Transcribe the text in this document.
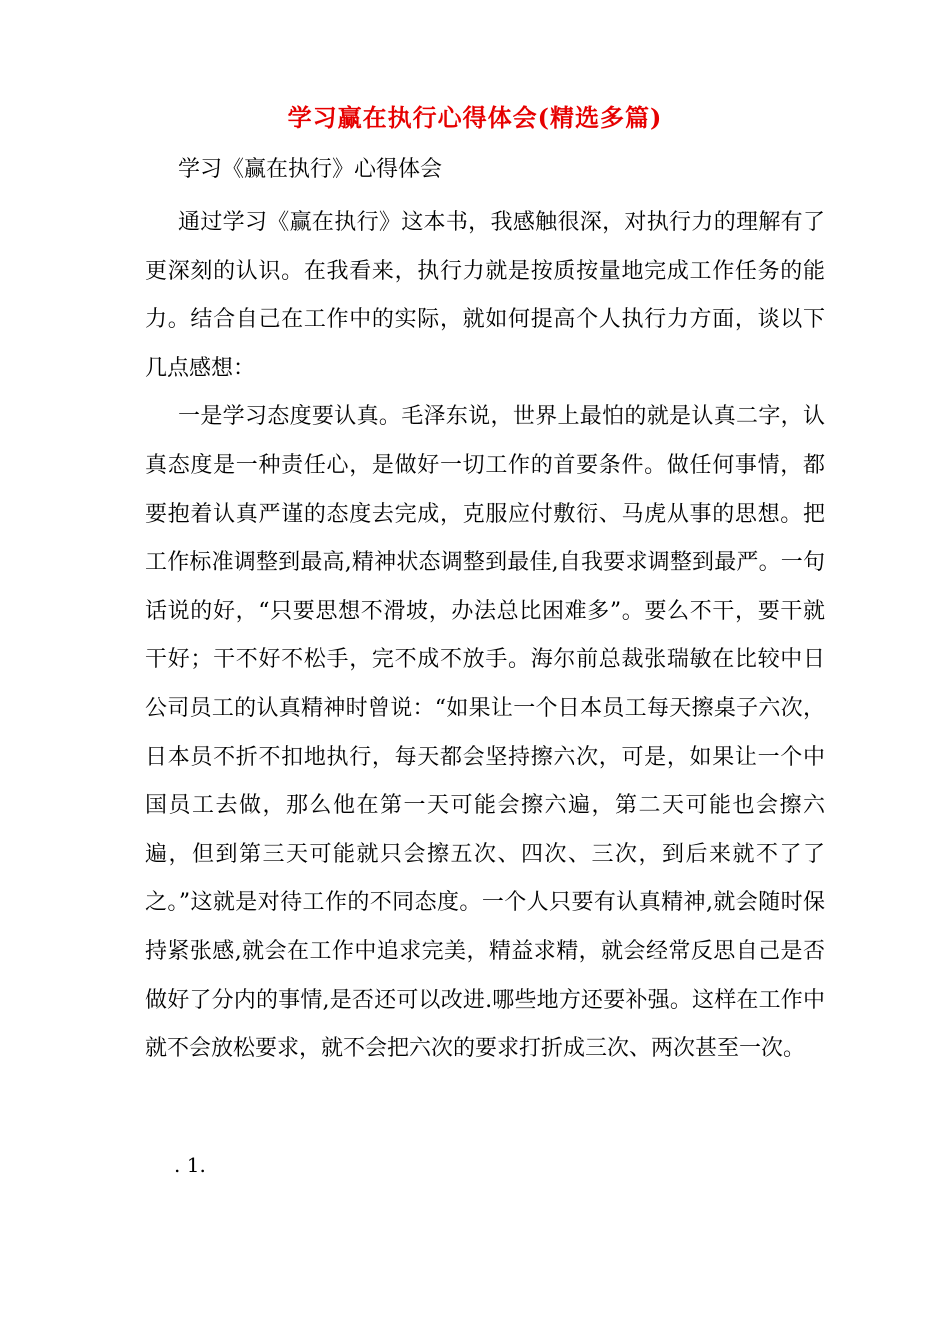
学习赢在执行心得体会(精选多篇)
学习《赢在执行》心得体会

通过学习《赢在执行》这本书，我感触很深，对执行力的理解有了更深刻的认识。在我看来，执行力就是按质按量地完成工作任务的能力。结合自己在工作中的实际，就如何提高个人执行力方面，谈以下几点感想：

一是学习态度要认真。毛泽东说，世界上最怕的就是认真二字，认真态度是一种责任心，是做好一切工作的首要条件。做任何事情，都要抱着认真严谨的态度去完成，克服应付敷衍、马虎从事的思想。把工作标准调整到最高,精神状态调整到最佳,自我要求调整到最严。一句话说的好，“只要思想不滑坡，办法总比困难多”。要么不干，要干就干好；干不好不松手，完不成不放手。海尔前总裁张瑞敏在比较中日公司员工的认真精神时曾说：“如果让一个日本员工每天擦桌子六次，日本员不折不扣地执行，每天都会坚持擦六次，可是，如果让一个中国员工去做，那么他在第一天可能会擦六遍，第二天可能也会擦六遍，但到第三天可能就只会擦五次、四次、三次，到后来就不了了之。”这就是对待工作的不同态度。一个人只要有认真精神,就会随时保持紧张感,就会在工作中追求完美，精益求精，就会经常反思自己是否做好了分内的事情,是否还可以改进.哪些地方还要补强。这样在工作中就不会放松要求，就不会把六次的要求打折成三次、两次甚至一次。

. 1.
